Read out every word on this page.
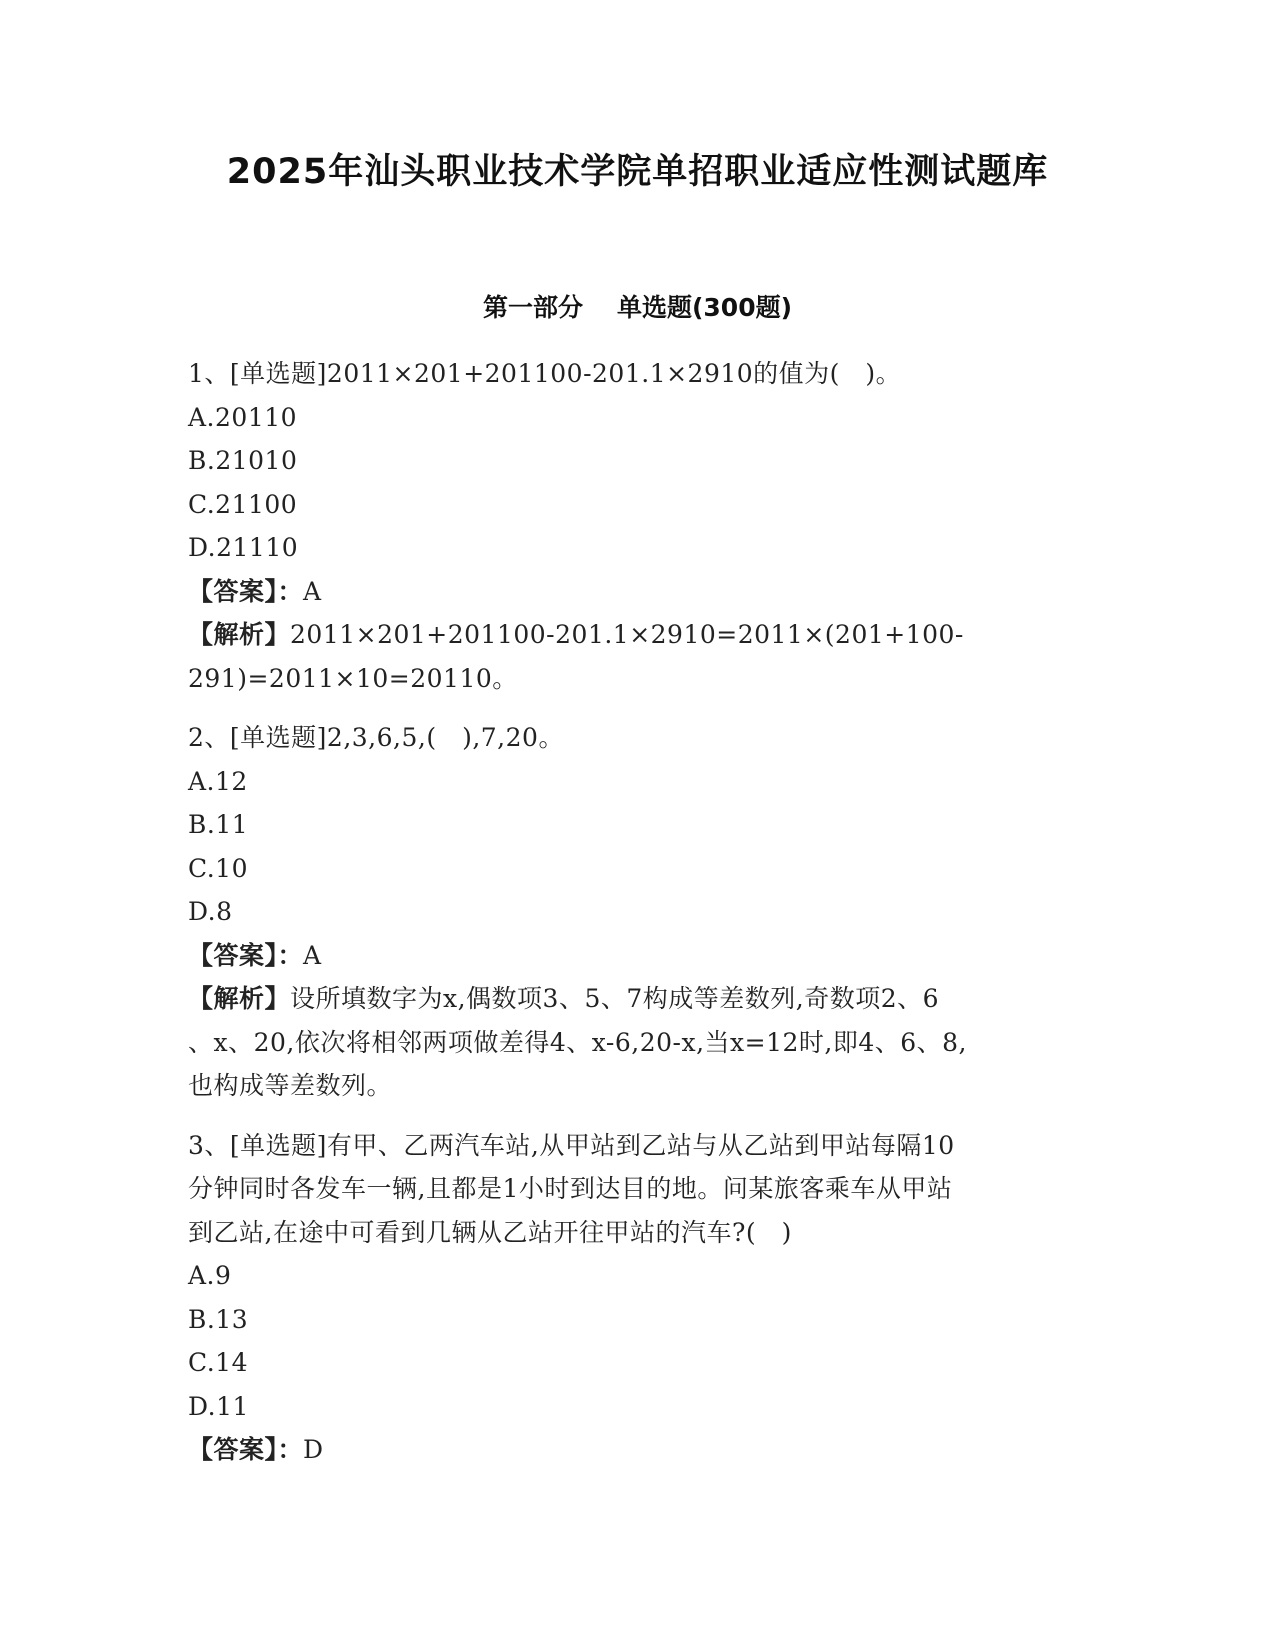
2025年汕头职业技术学院单招职业适应性测试题库
第一部分 单选题(300题)
1、[单选题]2011×201+201100-201.1×2910的值为(　)。
A.20110
B.21010
C.21100
D.21110
【答案】：A
【解析】2011×201+201100-201.1×2910=2011×(201+100-
291)=2011×10=20110。
2、[单选题]2,3,6,5,(　),7,20。
A.12
B.11
C.10
D.8
【答案】：A
【解析】设所填数字为x,偶数项3、5、7构成等差数列,奇数项2、6
、x、20,依次将相邻两项做差得4、x-6,20-x,当x=12时,即4、6、8,
也构成等差数列。
3、[单选题]有甲、乙两汽车站,从甲站到乙站与从乙站到甲站每隔10
分钟同时各发车一辆,且都是1小时到达目的地。问某旅客乘车从甲站
到乙站,在途中可看到几辆从乙站开往甲站的汽车?(　)
A.9
B.13
C.14
D.11
【答案】：D
